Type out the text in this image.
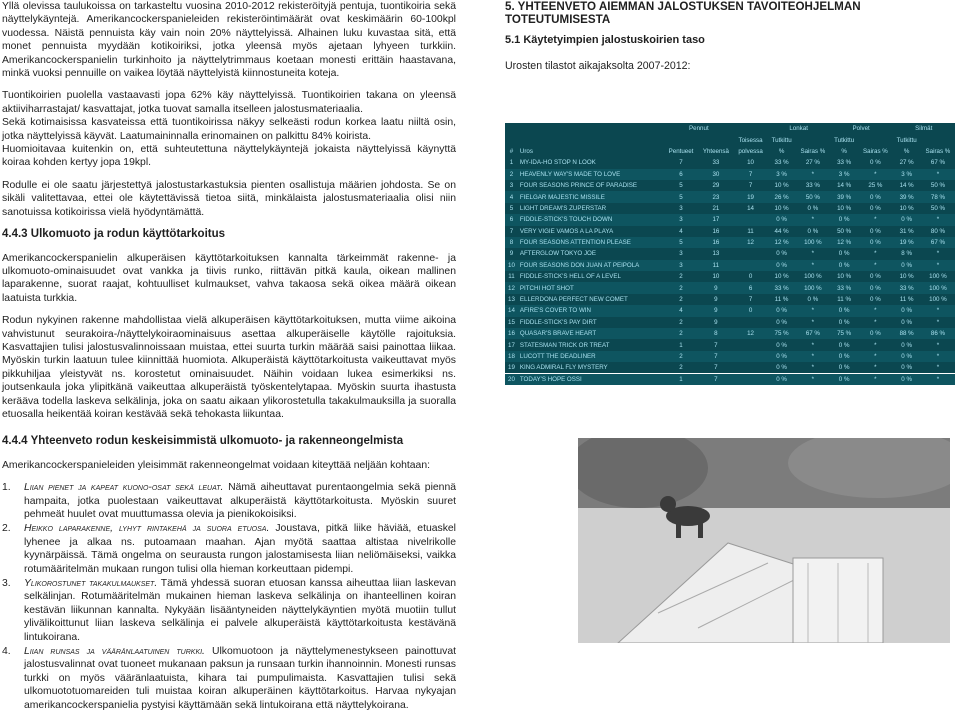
Yllä olevissa taulukoissa on tarkasteltu vuosina 2010-2012 rekisteröityjä pentuja, tuontikoiria sekä näyttelykäyntejä. Amerikancockerspanieleiden rekisteröintimäärät ovat keskimäärin 60-100kpl vuodessa. Näistä pennuista käy vain noin 20% näyttelyissä. Alhainen luku kuvastaa sitä, että monet pennuista myydään kotikoiriksi, jotka yleensä myös ajetaan lyhyeen turkkiin. Amerikancockerspanielin turkinhoito ja näyttelytrimmaus koetaan monesti erittäin haastavana, minkä vuoksi pennuille on vaikea löytää näyttelyistä kiinnostuneita koteja.

Tuontikoirien puolella vastaavasti jopa 62% käy näyttelyissä. Tuontikoirien takana on yleensä aktiiviharrastajat/ kasvattajat, jotka tuovat samalla itselleen jalostusmateriaalia.

Sekä kotimaisissa kasvateissa että tuontikoirissa näkyy selkeästi rodun korkea laatu niiltä osin, jotka näyttelyissä käyvät. Laatumaininnalla erinomainen on palkittu 84% koirista.

Huomioitavaa kuitenkin on, että suhteutettuna näyttelykäyntejä jokaista näyttelyissä käynyttä koiraa kohden kertyy jopa 19kpl.

Rodulle ei ole saatu järjestettyä jalostustarkastuksia pienten osallistuja määrien johdosta. Se on sikäli valitettavaa, ettei ole käytettävissä tietoa siitä, minkälaista jalostusmateriaalia olisi niin sanotuissa kotikoirissa vielä hyödyntämättä.

4.4.3 Ulkomuoto ja rodun käyttötarkoitus

Amerikancockerspanielin alkuperäisen käyttötarkoituksen kannalta tärkeimmät rakenne- ja ulkomuoto-ominaisuudet ovat vankka ja tiivis runko, riittävän pitkä kaula, oikean mallinen laparakenne, suorat raajat, kohtuulliset kulmaukset, vahva takaosa sekä oikea määrä oikean laatuista turkkia.

Rodun nykyinen rakenne mahdollistaa vielä alkuperäisen käyttötarkoituksen, mutta viime aikoina vahvistunut seurakoira-/näyttelykoiraominaisuus asettaa alkuperäiselle käytölle rajoituksia. Kasvattajien tulisi jalostusvalinnoissaan muistaa, ettei suurta turkin määrää saisi painottaa liikaa. Myöskin turkin laatuun tulee kiinnittää huomiota. Alkuperäistä käyttötarkoitusta vaikeuttavat myös pikkuhiljaa yleistyvät ns. korostetut ominaisuudet. Näihin voidaan lukea esimerkiksi ns. joutsenkaula joka ylipitkänä vaikeuttaa alkuperäistä työskentelytapaa. Myöskin suurta ihastusta kerääva todella laskeva selkälinja, joka on saatu aikaan ylikorostetulla takakulmauksilla ja suoralla etuosalla heikentää koiran kestävää sekä tehokasta liikuntaa.

4.4.4 Yhteenveto rodun keskeisimmistä ulkomuoto- ja rakenneongelmista

Amerikancockerspanieleiden yleisimmät rakenneongelmat voidaan kiteyttää neljään kohtaan:

1.	Liian pienet ja kapeat kuono-osat sekä leuat. Nämä aiheuttavat purentaongelmia sekä piennä hampaita, jotka puolestaan vaikeuttavat alkuperäistä käyttötarkoitusta. Myöskin suuret pehmeät huulet ovat muuttumassa olevia ja pienikokoisiksi.
2.	Heikko laparakenne, lyhyt rintakehä ja suora etuosa. Joustava, pitkä liike häviää, etuaskel lyhenee ja alkaa ns. putoamaan maahan. Ajan myötä saattaa altistaa nivelrikolle kyynärpäissä. Tämä ongelma on seurausta rungon jalostamisesta liian neliömäiseksi, vaikka rotumääritelmän mukaan rungon tulisi olla hieman korkeuttaan pidempi.
3.	Ylikorostunet takakulmaukset. Tämä yhdessä suoran etuosan kanssa aiheuttaa liian laskevan selkälinjan. Rotumääritelmän mukainen hieman laskeva selkälinja on ihanteellinen koiran kestävän liikunnan kannalta. Nykyään lisääntyneiden näyttelykäyntien myötä muotiin tullut ylivälikoittunut liian laskeva selkälinja ei palvele alkuperäistä käyttötarkoitusta kestävänä lintukoirana.
4.	Liian runsas ja vääränlaatuinen turkki. Ulkomuotoon ja näyttelymenestykseen painottuvat jalostusvalinnat ovat tuoneet mukanaan paksun ja runsaan turkin ihannoinnin. Monesti runsas turkki on myös vääränlaatuista, kihara tai pumpulimaista. Kasvattajien tulisi sekä ulkomuototuomareiden tuli muistaa koiran alkuperäinen käyttötarkoitus. Harvaa nykyajan amerikancockerspanielia pystyisi käyttämään sekä lintukoirana että näyttelykoirana.
5. YHTEENVETO AIEMMAN JALOSTUKSEN TAVOITEOHJELMAN TOTEUTUMISESTA
5.1 Käytetyimpien jalostuskoirien taso

Urosten tilastot aikajaksolta 2007-2012:

		Pennut			Lonkat		Polvet		Silmät	
				Toisessa	Tutkittu		Tutkittu		Tutkittu	
#	Uros	Pentueet	Yhteensä	polvessa	%	Sairas %	%	Sairas %	%	Sairas %
1	MY-IDA-HO STOP N LOOK	7	33	10	33 %	27 %	33 %	0 %	27 %	67 %
2	HEAVENLY WAY'S MADE TO LOVE	6	30	7	3 %	*	3 %	*	3 %	*
3	FOUR SEASONS PRINCE OF PARADISE	5	29	7	10 %	33 %	14 %	25 %	14 %	50 %
4	FIELGAR MAJESTIC MISSILE	5	23	19	26 %	50 %	39 %	0 %	39 %	78 %
5	LIGHT DREAM'S ZUPERSTAR	3	21	14	10 %	0 %	10 %	0 %	10 %	50 %
6	FIDDLE-STICK'S TOUCH DOWN	3	17		0 %	*	0 %	*	0 %	*
7	VERY VIGIE VAMOS A LA PLAYA	4	16	11	44 %	0 %	50 %	0 %	31 %	80 %
8	FOUR SEASONS ATTENTION PLEASE	5	16	12	12 %	100 %	12 %	0 %	19 %	67 %
9	AFTERGLOW TOKYO JOE	3	13		0 %	*	0 %	*	8 %	*
10	FOUR SEASONS DON JUAN AT PEIPOLA	3	11		0 %	*	0 %	*	0 %	*
11	FIDDLE-STICK'S HELL OF A LEVEL	2	10	0	10 %	100 %	10 %	0 %	10 %	100 %
12	PITCHI HOT SHOT	2	9	6	33 %	100 %	33 %	0 %	33 %	100 %
13	ELLERDONA PERFECT NEW COMET	2	9	7	11 %	0 %	11 %	0 %	11 %	100 %
14	AFIRE'S COVER TO WIN	4	9	0	0 %	*	0 %	*	0 %	*
15	FIDDLE-STICK'S PAY DIRT	2	9		0 %	*	0 %	*	0 %	*
16	QUASAR'S BRAVE HEART	2	8	12	75 %	67 %	75 %	0 %	88 %	86 %
17	STATESMAN TRICK OR TREAT	1	7		0 %	*	0 %	*	0 %	*
18	LUCOTT THE DEADLINER	2	7		0 %	*	0 %	*	0 %	*
19	KING ADMIRAL FLY MYSTERY	2	7		0 %	*	0 %	*	0 %	*
20	TODAY'S HOPE OSSI	1	7		0 %	*	0 %	*	0 %	*
